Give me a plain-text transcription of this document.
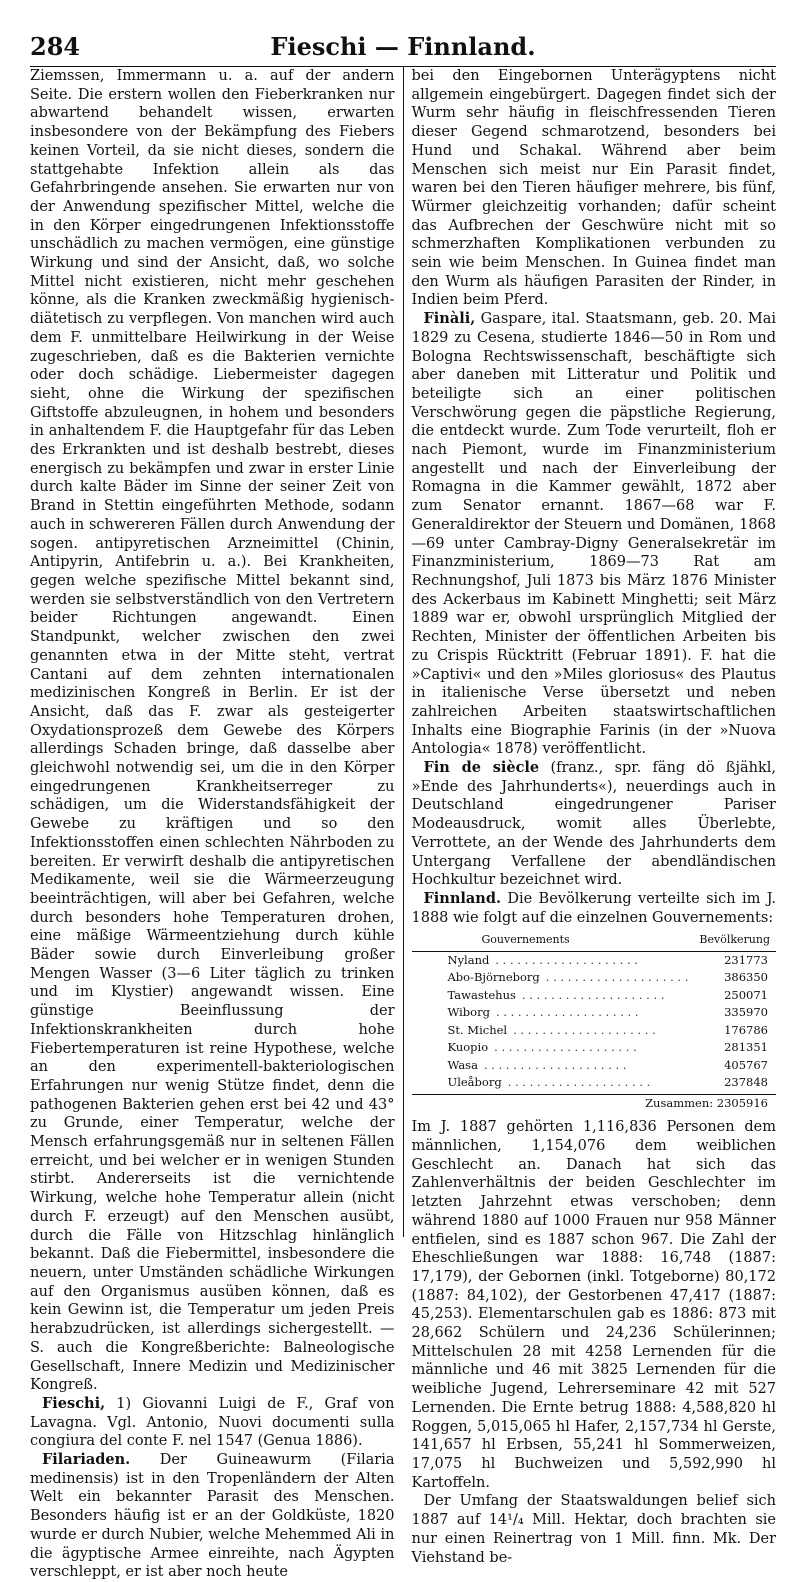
284	Fieschi — Finnland.

Ziemssen, Immermann u. a. auf der andern Seite. Die erstern wollen den Fieberkranken nur abwartend behandelt wissen, erwarten insbesondere von der Bekämpfung des Fiebers keinen Vorteil, da sie nicht dieses, sondern die stattgehabte Infektion allein als das Gefahrbringende ansehen. Sie erwarten nur von der Anwendung spezifischer Mittel, welche die in den Körper eingedrungenen Infektionsstoffe unschädlich zu machen vermögen, eine günstige Wirkung und sind der Ansicht, daß, wo solche Mittel nicht existieren, nicht mehr geschehen könne, als die Kranken zweckmäßig hygienisch-diätetisch zu verpflegen. Von manchen wird auch dem F. unmittelbare Heilwirkung in der Weise zugeschrieben, daß es die Bakterien vernichte oder doch schädige. Liebermeister dagegen sieht, ohne die Wirkung der spezifischen Giftstoffe abzuleugnen, in hohem und besonders in anhaltendem F. die Hauptgefahr für das Leben des Erkrankten und ist deshalb bestrebt, dieses energisch zu bekämpfen und zwar in erster Linie durch kalte Bäder im Sinne der seiner Zeit von Brand in Stettin eingeführten Methode, sodann auch in schwereren Fällen durch Anwendung der sogen. antipyretischen Arzneimittel (Chinin, Antipyrin, Antifebrin u. a.). Bei Krankheiten, gegen welche spezifische Mittel bekannt sind, werden sie selbstverständlich von den Vertretern beider Richtungen angewandt. Einen Standpunkt, welcher zwischen den zwei genannten etwa in der Mitte steht, vertrat Cantani auf dem zehnten internationalen medizinischen Kongreß in Berlin. Er ist der Ansicht, daß das F. zwar als gesteigerter Oxydationsprozeß dem Gewebe des Körpers allerdings Schaden bringe, daß dasselbe aber gleichwohl notwendig sei, um die in den Körper eingedrungenen Krankheitserreger zu schädigen, um die Widerstandsfähigkeit der Gewebe zu kräftigen und so den Infektionsstoffen einen schlechten Nährboden zu bereiten. Er verwirft deshalb die antipyretischen Medikamente, weil sie die Wärmeerzeugung beeinträchtigen, will aber bei Gefahren, welche durch besonders hohe Temperaturen drohen, eine mäßige Wärmeentziehung durch kühle Bäder sowie durch Einverleibung großer Mengen Wasser (3—6 Liter täglich zu trinken und im Klystier) angewandt wissen. Eine günstige Beeinflussung der Infektionskrankheiten durch hohe Fiebertemperaturen ist reine Hypothese, welche an den experimentell-bakteriologischen Erfahrungen nur wenig Stütze findet, denn die pathogenen Bakterien gehen erst bei 42 und 43° zu Grunde, einer Temperatur, welche der Mensch erfahrungsgemäß nur in seltenen Fällen erreicht, und bei welcher er in wenigen Stunden stirbt. Andererseits ist die vernichtende Wirkung, welche hohe Temperatur allein (nicht durch F. erzeugt) auf den Menschen ausübt, durch die Fälle von Hitzschlag hinlänglich bekannt. Daß die Fiebermittel, insbesondere die neuern, unter Umständen schädliche Wirkungen auf den Organismus ausüben können, daß es kein Gewinn ist, die Temperatur um jeden Preis herabzudrücken, ist allerdings sichergestellt. — S. auch die Kongreßberichte: Balneologische Gesellschaft, Innere Medizin und Medizinischer Kongreß.

Fieschi, 1) Giovanni Luigi de F., Graf von Lavagna. Vgl. Antonio, Nuovi documenti sulla congiura del conte F. nel 1547 (Genua 1886).

Filariaden. Der Guineawurm (Filaria medinensis) ist in den Tropenländern der Alten Welt ein bekannter Parasit des Menschen. Besonders häufig ist er an der Goldküste, 1820 wurde er durch Nubier, welche Mehemmed Ali in die ägyptische Armee einreihte, nach Ägypten verschleppt, er ist aber noch heute

bei den Eingebornen Unterägyptens nicht allgemein eingebürgert. Dagegen findet sich der Wurm sehr häufig in fleischfressenden Tieren dieser Gegend schmarotzend, besonders bei Hund und Schakal. Während aber beim Menschen sich meist nur Ein Parasit findet, waren bei den Tieren häufiger mehrere, bis fünf, Würmer gleichzeitig vorhanden; dafür scheint das Aufbrechen der Geschwüre nicht mit so schmerzhaften Komplikationen verbunden zu sein wie beim Menschen. In Guinea findet man den Wurm als häufigen Parasiten der Rinder, in Indien beim Pferd.

Finàli, Gaspare, ital. Staatsmann, geb. 20. Mai 1829 zu Cesena, studierte 1846—50 in Rom und Bologna Rechtswissenschaft, beschäftigte sich aber daneben mit Litteratur und Politik und beteiligte sich an einer politischen Verschwörung gegen die päpstliche Regierung, die entdeckt wurde. Zum Tode verurteilt, floh er nach Piemont, wurde im Finanzministerium angestellt und nach der Einverleibung der Romagna in die Kammer gewählt, 1872 aber zum Senator ernannt. 1867—68 war F. Generaldirektor der Steuern und Domänen, 1868—69 unter Cambray-Digny Generalsekretär im Finanzministerium, 1869—73 Rat am Rechnungshof, Juli 1873 bis März 1876 Minister des Ackerbaus im Kabinett Minghetti; seit März 1889 war er, obwohl ursprünglich Mitglied der Rechten, Minister der öffentlichen Arbeiten bis zu Crispis Rücktritt (Februar 1891). F. hat die »Captivi« und den »Miles gloriosus« des Plautus in italienische Verse übersetzt und neben zahlreichen Arbeiten staatswirtschaftlichen Inhalts eine Biographie Farinis (in der »Nuova Antologia« 1878) veröffentlicht.

Fin de siècle (franz., spr. fäng dö ßjähkl, »Ende des Jahrhunderts«), neuerdings auch in Deutschland eingedrungener Pariser Modeausdruck, womit alles Überlebte, Verrottete, an der Wende des Jahrhunderts dem Untergang Verfallene der abendländischen Hochkultur bezeichnet wird.

Finnland. Die Bevölkerung verteilte sich im J. 1888 wie folgt auf die einzelnen Gouvernements:

Gouvernements	Bevölkerung
Nyland . . . . . . . . . . . . . . . . . . . .	231773
Abo-Björneborg . . . . . . . . . . . . . . . . . . . .	386350
Tawastehus . . . . . . . . . . . . . . . . . . . .	250071
Wiborg . . . . . . . . . . . . . . . . . . . .	335970
St. Michel . . . . . . . . . . . . . . . . . . . .	176786
Kuopio . . . . . . . . . . . . . . . . . . . .	281351
Wasa . . . . . . . . . . . . . . . . . . . .	405767
Uleåborg . . . . . . . . . . . . . . . . . . . .	237848
Zusammen: 2305916

Im J. 1887 gehörten 1,116,836 Personen dem männlichen, 1,154,076 dem weiblichen Geschlecht an. Danach hat sich das Zahlenverhältnis der beiden Geschlechter im letzten Jahrzehnt etwas verschoben; denn während 1880 auf 1000 Frauen nur 958 Männer entfielen, sind es 1887 schon 967. Die Zahl der Eheschließungen war 1888: 16,748 (1887: 17,179), der Gebornen (inkl. Totgeborne) 80,172 (1887: 84,102), der Gestorbenen 47,417 (1887: 45,253). Elementarschulen gab es 1886: 873 mit 28,662 Schülern und 24,236 Schülerinnen; Mittelschulen 28 mit 4258 Lernenden für die männliche und 46 mit 3825 Lernenden für die weibliche Jugend, Lehrerseminare 42 mit 527 Lernenden. Die Ernte betrug 1888: 4,588,820 hl Roggen, 5,015,065 hl Hafer, 2,157,734 hl Gerste, 141,657 hl Erbsen, 55,241 hl Sommerweizen, 17,075 hl Buchweizen und 5,592,990 hl Kartoffeln.

Der Umfang der Staatswaldungen belief sich 1887 auf 14¹/₄ Mill. Hektar, doch brachten sie nur einen Reinertrag von 1 Mill. finn. Mk. Der Viehstand be-
